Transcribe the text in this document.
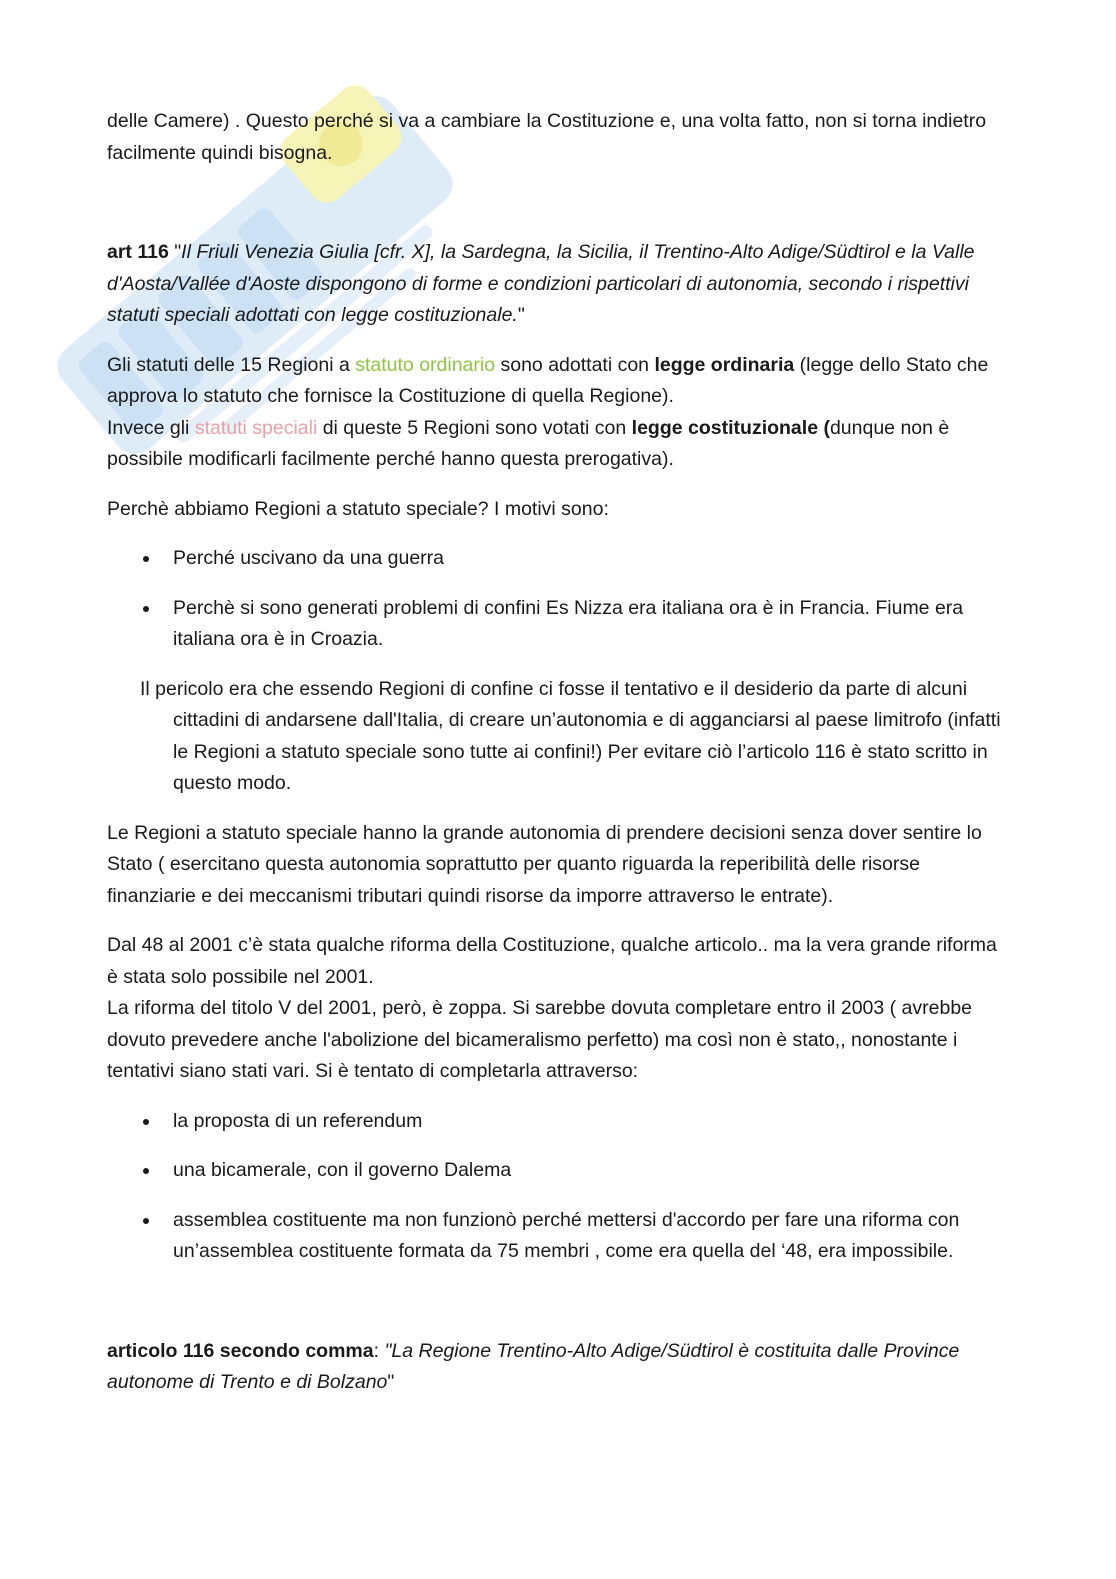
delle Camere) . Questo perché si va a cambiare la Costituzione e, una volta fatto, non si torna indietro facilmente quindi bisogna.

art 116 "Il Friuli Venezia Giulia [cfr. X], la Sardegna, la Sicilia, il Trentino-Alto Adige/Südtirol e la Valle d'Aosta/Vallée d'Aoste dispongono di forme e condizioni particolari di autonomia, secondo i rispettivi statuti speciali adottati con legge costituzionale."

Gli statuti delle 15 Regioni a statuto ordinario sono adottati con legge ordinaria (legge dello Stato che approva lo statuto che fornisce la Costituzione di quella Regione).
Invece gli statuti speciali di queste 5 Regioni sono votati con legge costituzionale (dunque non è possibile modificarli facilmente perché hanno questa prerogativa).

Perchè abbiamo Regioni a statuto speciale? I motivi sono:

Perché uscivano da una guerra
Perchè si sono generati problemi di confini Es Nizza era italiana ora è in Francia. Fiume era italiana ora è in Croazia.

Il pericolo era che essendo Regioni di confine ci fosse il tentativo e il desiderio da parte di alcuni cittadini di andarsene dall'Italia, di creare un’autonomia e di agganciarsi al paese limitrofo (infatti le Regioni a statuto speciale sono tutte ai confini!) Per evitare ciò l’articolo 116 è stato scritto in questo modo.

Le Regioni a statuto speciale hanno la grande autonomia di prendere decisioni senza dover sentire lo Stato ( esercitano questa autonomia soprattutto per quanto riguarda la reperibilità delle risorse finanziarie e dei meccanismi tributari quindi risorse da imporre attraverso le entrate).

Dal 48 al 2001 c’è stata qualche riforma della Costituzione, qualche articolo.. ma la vera grande riforma è stata solo possibile nel 2001.
La riforma del titolo V del 2001, però, è zoppa. Si sarebbe dovuta completare entro il 2003 ( avrebbe dovuto prevedere anche l'abolizione del bicameralismo perfetto) ma così non è stato,, nonostante i tentativi siano stati vari. Si è tentato di completarla attraverso:

la proposta di un referendum
una bicamerale, con il governo Dalema
assemblea costituente ma non funzionò perché mettersi d'accordo per fare una riforma con un’assemblea costituente formata da 75 membri , come era quella del ‘48, era impossibile.

articolo 116 secondo comma: "La Regione Trentino-Alto Adige/Südtirol è costituita dalle Province autonome di Trento e di Bolzano"
